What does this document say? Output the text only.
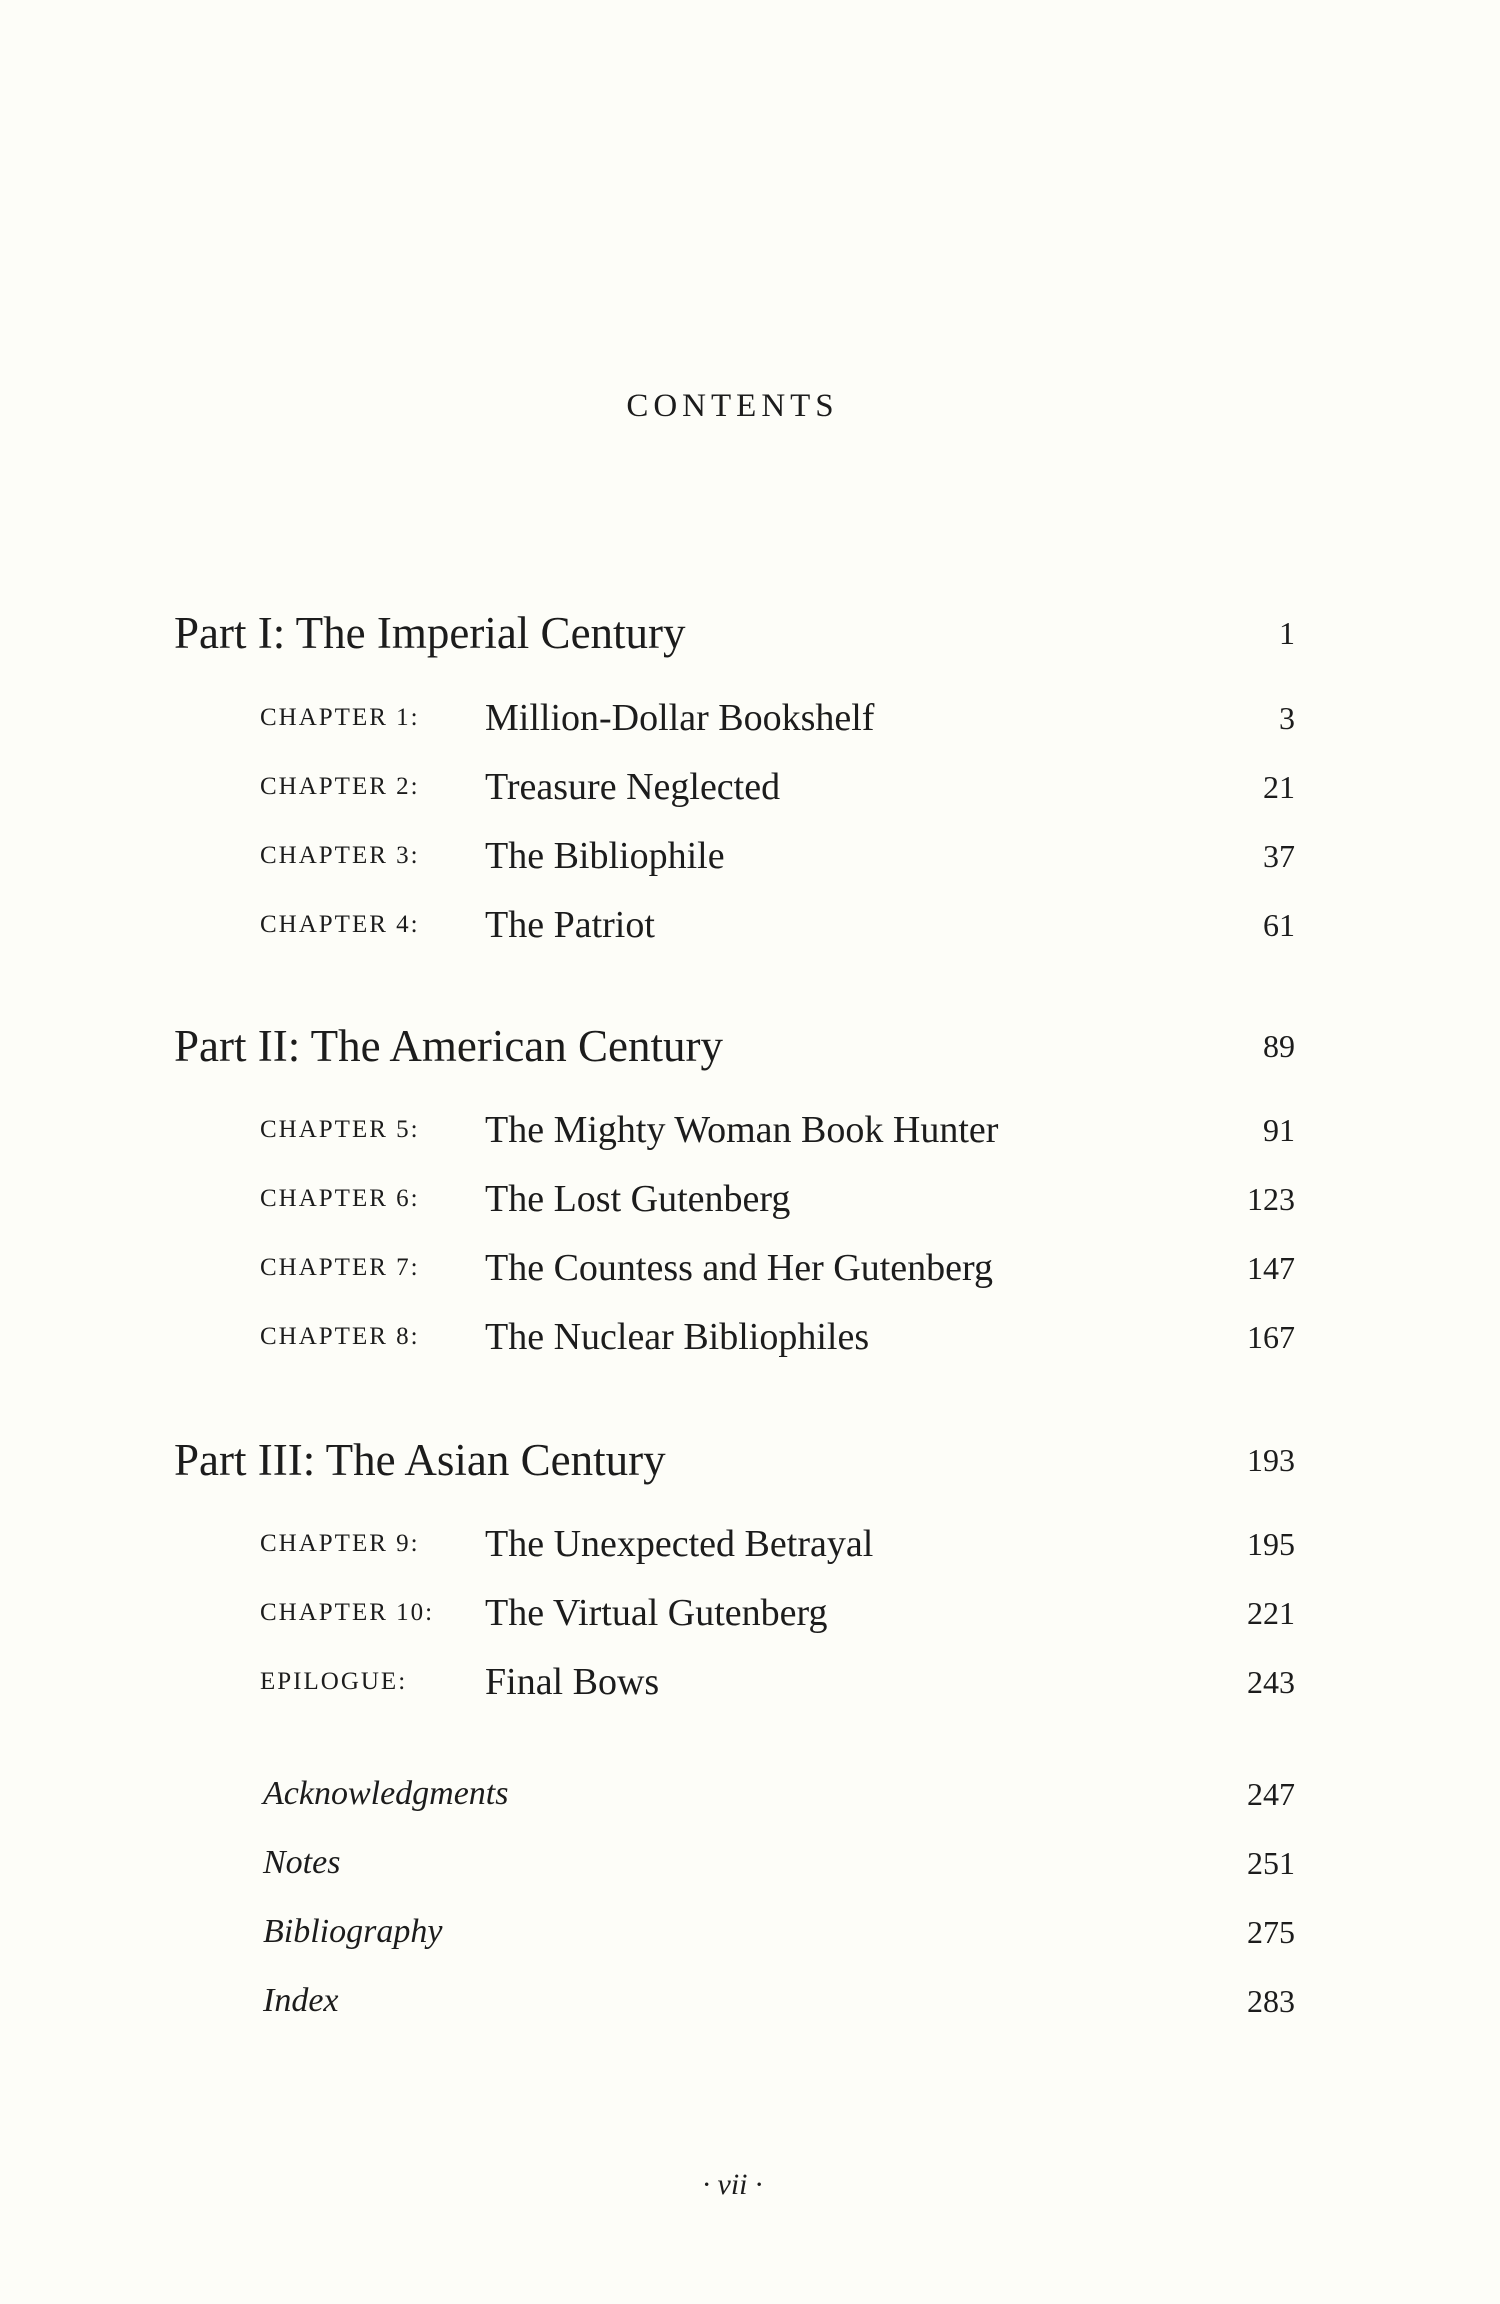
CONTENTS
Part I: The Imperial Century	1
CHAPTER 1: Million-Dollar Bookshelf	3
CHAPTER 2: Treasure Neglected	21
CHAPTER 3: The Bibliophile	37
CHAPTER 4: The Patriot	61
Part II: The American Century	89
CHAPTER 5: The Mighty Woman Book Hunter	91
CHAPTER 6: The Lost Gutenberg	123
CHAPTER 7: The Countess and Her Gutenberg	147
CHAPTER 8: The Nuclear Bibliophiles	167
Part III: The Asian Century	193
CHAPTER 9: The Unexpected Betrayal	195
CHAPTER 10: The Virtual Gutenberg	221
EPILOGUE: Final Bows	243
Acknowledgments	247
Notes	251
Bibliography	275
Index	283
· vii ·
